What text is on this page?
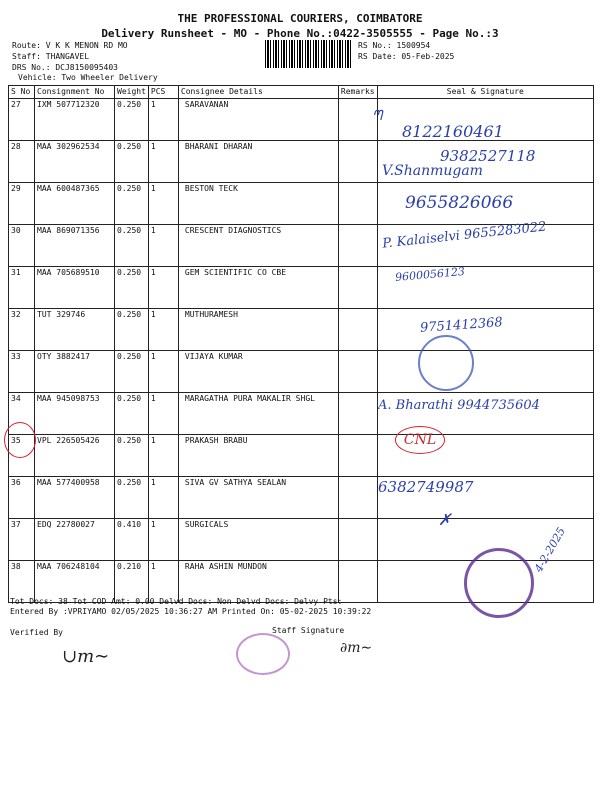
THE PROFESSIONAL COURIERS, COIMBATORE
Delivery Runsheet - MO - Phone No.:0422-3505555 - Page No.:3
Route: V K K MENON RD MO
Staff: THANGAVEL
DRS No.: DCJ8150095403
Vehicle: Two Wheeler Delivery
RS No.: 1500954
RS Date: 05-Feb-2025
S No	Consignment No	Weight	PCS	Consignee Details	Remarks	Seal & Signature
27	IXM 507712320	0.250	1	SARAVANAN		
28	MAA 302962534	0.250	1	BHARANI DHARAN		
29	MAA 600487365	0.250	1	BESTON TECK		
30	MAA 869071356	0.250	1	CRESCENT DIAGNOSTICS		
31	MAA 705689510	0.250	1	GEM SCIENTIFIC CO CBE		
32	TUT 329746	0.250	1	MUTHURAMESH		
33	OTY 3882417	0.250	1	VIJAYA KUMAR		
34	MAA 945098753	0.250	1	MARAGATHA PURA MAKALIR SHGL		
35	VPL 226505426	0.250	1	PRAKASH BRABU		
36	MAA 577400958	0.250	1	SIVA GV SATHYA SEALAN		
37	EDQ 22780027	0.410	1	SURGICALS		
38	MAA 706248104	0.210	1	RAHA ASHIN MUNDON		
ᘉ
8122160461
9382527118
V.Shanmugam
9655826066
P. Kalaiselvi 9655283022
9600056123
9751412368
A. Bharathi 9944735604
CNL
6382749987
✗
4-2-2025
Tot Docs: 38 Tot COD Amt: 0.00 Delvd Docs: Non Delvd Docs: Delvy Pts:
Entered By :VPRIYAMO 02/05/2025 10:36:27 AM Printed On: 05-02-2025 10:39:22
Verified By	Staff Signature
∪m∼	∂m∼
